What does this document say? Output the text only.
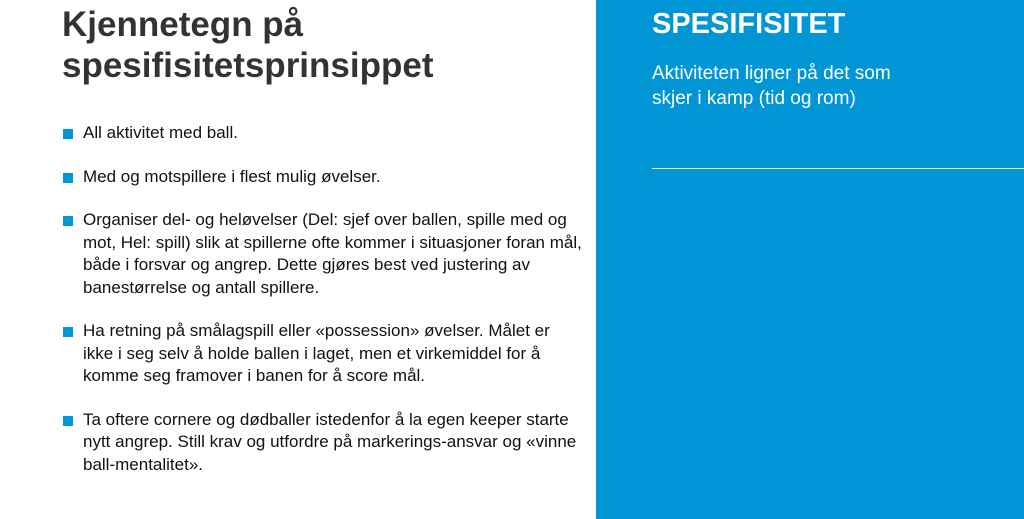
Kjennetegn på spesifisitetsprinsippet
All aktivitet med ball.
Med og motspillere i flest mulig øvelser.
Organiser del- og heløvelser (Del: sjef over ballen, spille med og mot, Hel: spill) slik at spillerne ofte kommer i situasjoner foran mål, både i forsvar og angrep. Dette gjøres best ved justering av banestørrelse og antall spillere.
Ha retning på smålagspill eller «possession» øvelser. Målet er ikke i seg selv å holde ballen i laget, men et virkemiddel for å komme seg framover i banen for å score mål.
Ta oftere cornere og dødballer istedenfor å la egen keeper starte nytt angrep. Still krav og utfordre på markerings-ansvar og «vinne ball-mentalitet».
SPESIFISITET

Aktiviteten ligner på det som skjer i kamp (tid og rom)
